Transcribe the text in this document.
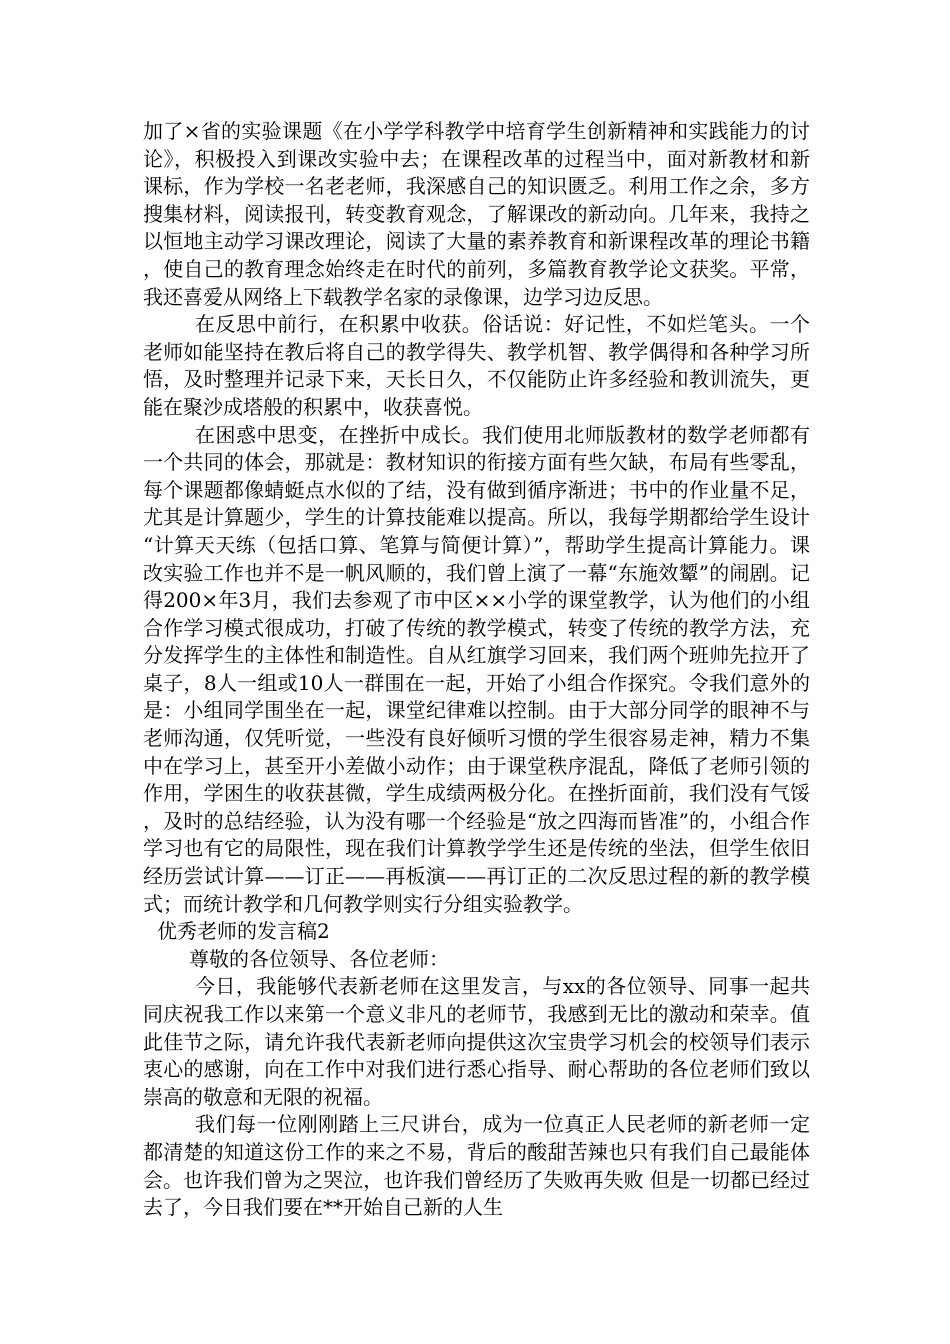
加了×省的实验课题《在小学学科教学中培育学生创新精神和实践能力的讨论》，积极投入到课改实验中去；在课程改革的过程当中，面对新教材和新课标，作为学校一名老老师，我深感自己的知识匮乏。利用工作之余，多方搜集材料，阅读报刊，转变教育观念，了解课改的新动向。几年来，我持之以恒地主动学习课改理论，阅读了大量的素养教育和新课程改革的理论书籍，使自己的教育理念始终走在时代的前列，多篇教育教学论文获奖。平常，我还喜爱从网络上下载教学名家的录像课，边学习边反思。

在反思中前行，在积累中收获。俗话说：好记性，不如烂笔头。一个老师如能坚持在教后将自己的教学得失、教学机智、教学偶得和各种学习所悟，及时整理并记录下来，天长日久，不仅能防止许多经验和教训流失，更能在聚沙成塔般的积累中，收获喜悦。

在困惑中思变，在挫折中成长。我们使用北师版教材的数学老师都有一个共同的体会，那就是：教材知识的衔接方面有些欠缺，布局有些零乱，每个课题都像蜻蜓点水似的了结，没有做到循序渐进；书中的作业量不足，尤其是计算题少，学生的计算技能难以提高。所以，我每学期都给学生设计“计算天天练（包括口算、笔算与简便计算）”，帮助学生提高计算能力。课改实验工作也并不是一帆风顺的，我们曾上演了一幕“东施效颦”的闹剧。记得200×年3月，我们去参观了市中区××小学的课堂教学，认为他们的小组合作学习模式很成功，打破了传统的教学模式，转变了传统的教学方法，充分发挥学生的主体性和制造性。自从红旗学习回来，我们两个班帅先拉开了桌子，8人一组或10人一群围在一起，开始了小组合作探究。令我们意外的是：小组同学围坐在一起，课堂纪律难以控制。由于大部分同学的眼神不与老师沟通，仅凭听觉，一些没有良好倾听习惯的学生很容易走神，精力不集中在学习上，甚至开小差做小动作；由于课堂秩序混乱，降低了老师引领的作用，学困生的收获甚微，学生成绩两极分化。在挫折面前，我们没有气馁，及时的总结经验，认为没有哪一个经验是“放之四海而皆准”的，小组合作学习也有它的局限性，现在我们计算教学学生还是传统的坐法，但学生依旧经历尝试计算——订正——再板演——再订正的二次反思过程的新的教学模式；而统计教学和几何教学则实行分组实验教学。

优秀老师的发言稿2

尊敬的各位领导、各位老师：

今日，我能够代表新老师在这里发言，与xx的各位领导、同事一起共同庆祝我工作以来第一个意义非凡的老师节，我感到无比的激动和荣幸。值此佳节之际，请允许我代表新老师向提供这次宝贵学习机会的校领导们表示衷心的感谢，向在工作中对我们进行悉心指导、耐心帮助的各位老师们致以崇高的敬意和无限的祝福。

我们每一位刚刚踏上三尺讲台，成为一位真正人民老师的新老师一定都清楚的知道这份工作的来之不易，背后的酸甜苦辣也只有我们自己最能体会。也许我们曾为之哭泣，也许我们曾经历了失败再失败 但是一切都已经过去了，今日我们要在**开始自己新的人生
